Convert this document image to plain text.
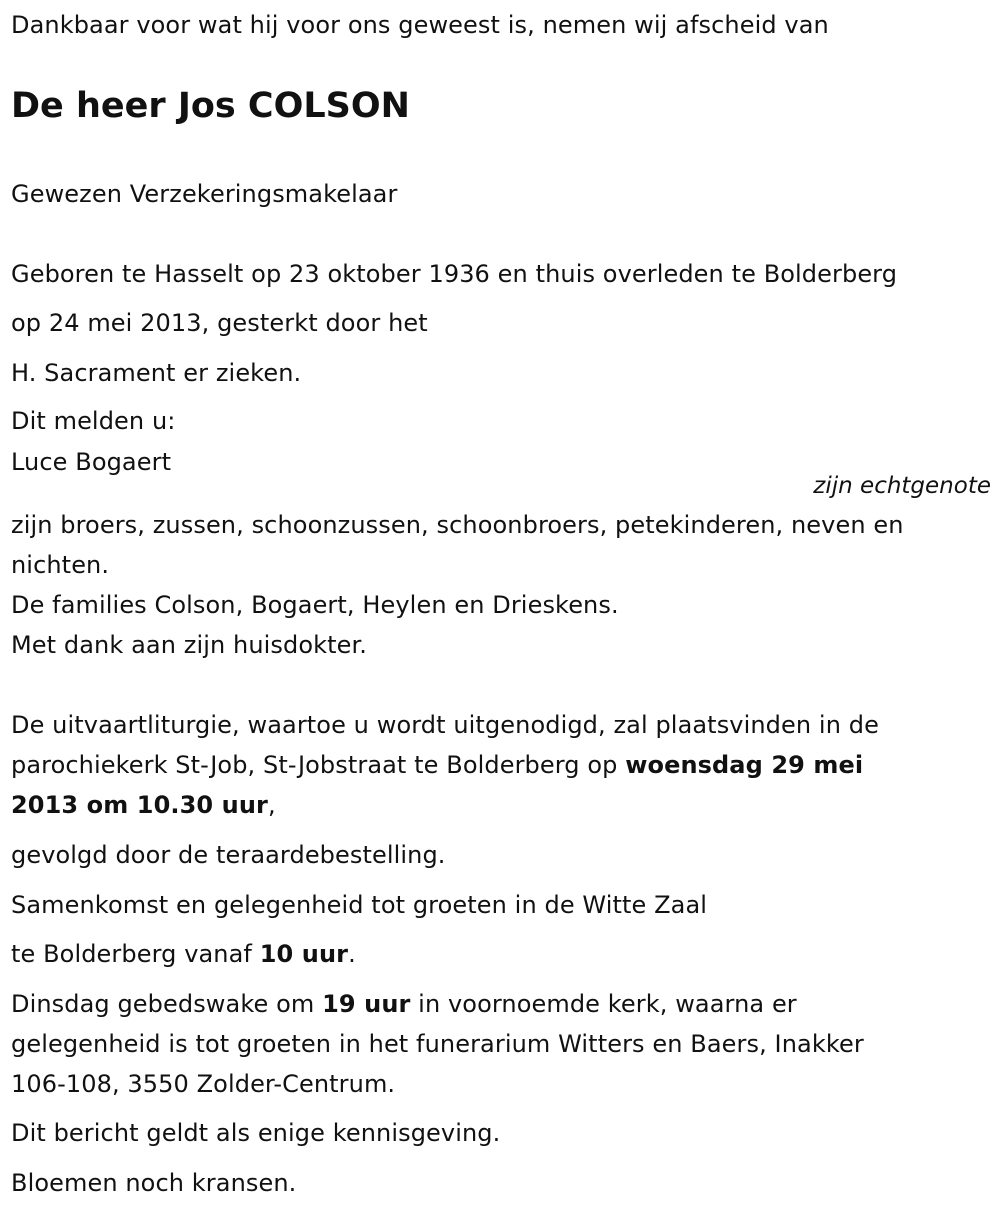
Dankbaar voor wat hij voor ons geweest is, nemen wij afscheid van
De heer Jos COLSON
Gewezen Verzekeringsmakelaar
Geboren te Hasselt op 23 oktober 1936 en thuis overleden te Bolderberg
op 24 mei 2013, gesterkt door het
H. Sacrament er zieken.
Dit melden u:
Luce Bogaert
zijn echtgenote
zijn broers, zussen, schoonzussen, schoonbroers, petekinderen, neven en
nichten.
De families Colson, Bogaert, Heylen en Drieskens.
Met dank aan zijn huisdokter.
De uitvaartliturgie, waartoe u wordt uitgenodigd, zal plaatsvinden in de
parochiekerk St-Job, St-Jobstraat te Bolderberg op woensdag 29 mei
2013 om 10.30 uur,
gevolgd door de teraardebestelling.
Samenkomst en gelegenheid tot groeten in de Witte Zaal
te Bolderberg vanaf 10 uur.
Dinsdag gebedswake om 19 uur in voornoemde kerk, waarna er
gelegenheid is tot groeten in het funerarium Witters en Baers, Inakker
106-108, 3550 Zolder-Centrum.
Dit bericht geldt als enige kennisgeving.
Bloemen noch kransen.
